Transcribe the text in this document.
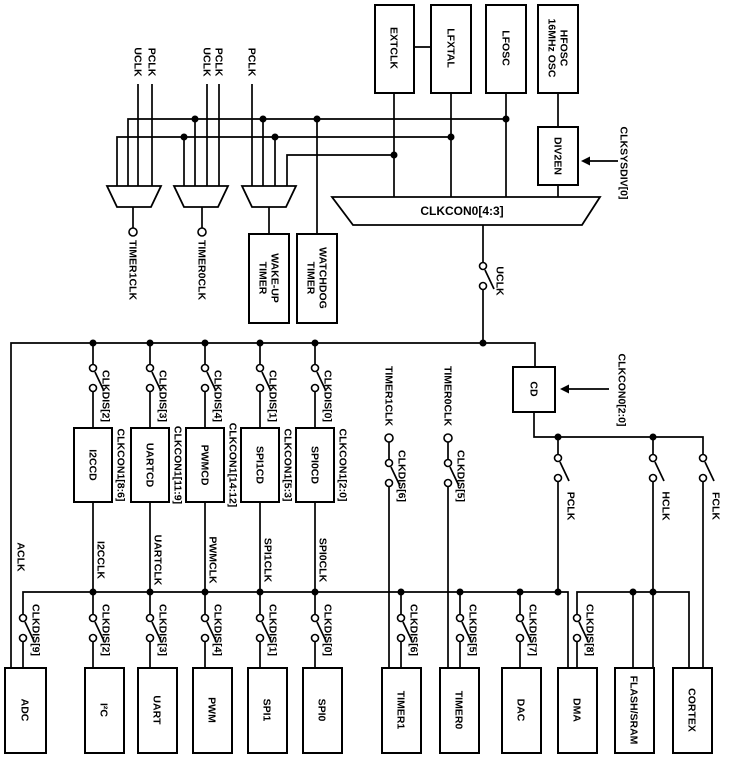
CLKCON0[4:3]
EXTCLK	LFXTAL	LFOSC	HFOSC
16MHz OSC
DIV2EN
WAKE-UP
TIMER	WATCHDOG
TIMER
CD
I2CCD	UARTCD	PWMCD	SPI1CD	SPI0CD
ADC	I²C	UART	PWM	SPI1	SPI0	TIMER1	TIMER0	DAC	DMA	FLASH/SRAM	CORTEX
UCLK PCLK	UCLK PCLK PCLK
TIMER1CLK	TIMER0CLK
CLKSYSDIV[0]
CLKCON0[2:0]
UCLK
CLKDIS[2]	CLKDIS[3]	CLKDIS[4]	CLKDIS[1]	CLKDIS[0]
CLKCON1[8:6]	CLKCON1[11:9]	CLKCON1[14:12]	CLKCON1[5:3]	CLKCON1[2:0]
I2CCLK	UARTCLK	PWMCLK	SPI1CLK	SPI0CLK
ACLK
TIMER1CLK	TIMER0CLK
CLKDIS[6]	CLKDIS[5]
PCLK	HCLK	FCLK
CLKDIS[9]	CLKDIS[2]	CLKDIS[3]	CLKDIS[4]	CLKDIS[1]	CLKDIS[0]	CLKDIS[6]	CLKDIS[5]	CLKDIS[7]	CLKDIS[8]
